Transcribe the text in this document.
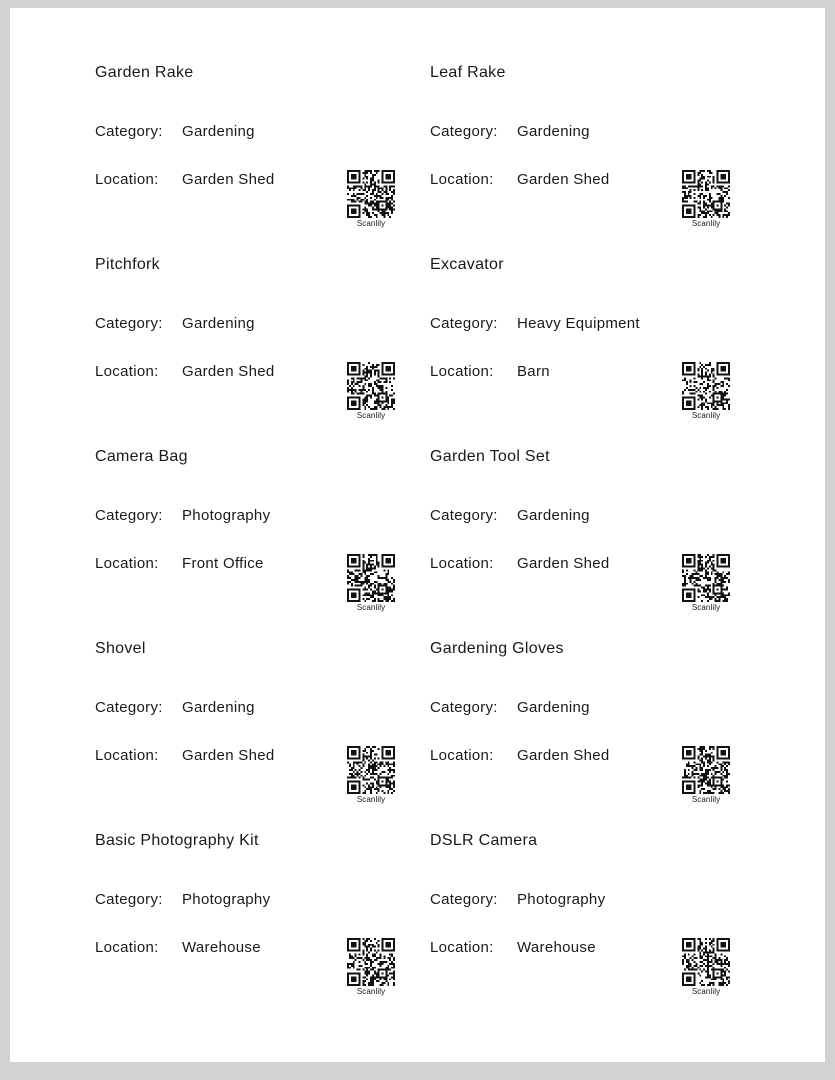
Garden Rake
Category: Gardening
Location: Garden Shed
Scanlily
Leaf Rake
Category: Gardening
Location: Garden Shed
Scanlily
Pitchfork
Category: Gardening
Location: Garden Shed
Scanlily
Excavator
Category: Heavy Equipment
Location: Barn
Scanlily
Camera Bag
Category: Photography
Location: Front Office
Scanlily
Garden Tool Set
Category: Gardening
Location: Garden Shed
Scanlily
Shovel
Category: Gardening
Location: Garden Shed
Scanlily
Gardening Gloves
Category: Gardening
Location: Garden Shed
Scanlily
Basic Photography Kit
Category: Photography
Location: Warehouse
Scanlily
DSLR Camera
Category: Photography
Location: Warehouse
Scanlily
